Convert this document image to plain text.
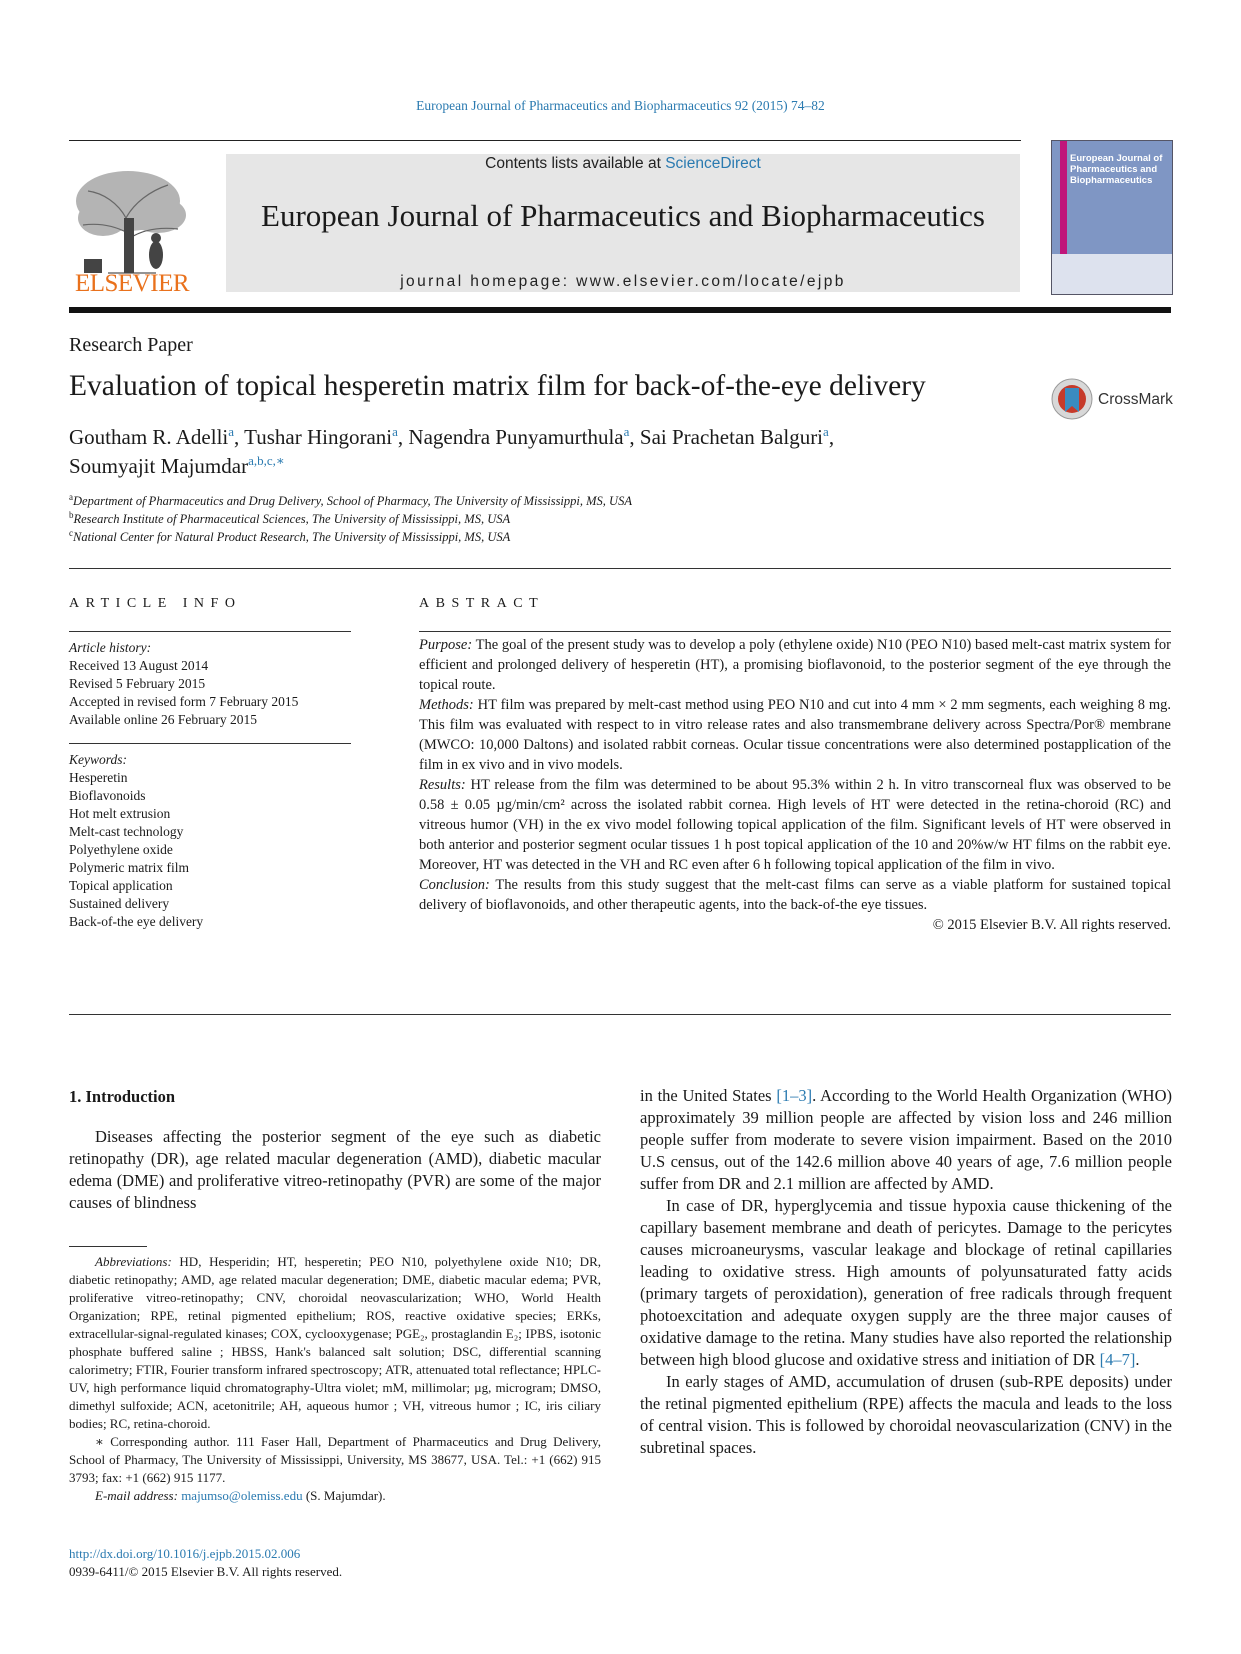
European Journal of Pharmaceutics and Biopharmaceutics 92 (2015) 74–82
ELSEVIER
Contents lists available at ScienceDirect
European Journal of Pharmaceutics and Biopharmaceutics
journal homepage: www.elsevier.com/locate/ejpb
European Journal of Pharmaceutics and Biopharmaceutics
Research Paper
Evaluation of topical hesperetin matrix film for back-of-the-eye delivery	CrossMark
Goutham R. Adelli$^a$, Tushar Hingorani$^a$, Nagendra Punyamurthula$^a$, Sai Prachetan Balguri$^a$,
Soumyajit Majumdar$^{a,b,c,∗}$
$^a$Department of Pharmaceutics and Drug Delivery, School of Pharmacy, The University of Mississippi, MS, USA
$^b$Research Institute of Pharmaceutical Sciences, The University of Mississippi, MS, USA
$^c$National Center for Natural Product Research, The University of Mississippi, MS, USA
ARTICLE INFO
Article history:
Received 13 August 2014
Revised 5 February 2015
Accepted in revised form 7 February 2015
Available online 26 February 2015
Keywords:
Hesperetin
Bioflavonoids
Hot melt extrusion
Melt-cast technology
Polyethylene oxide
Polymeric matrix film
Topical application
Sustained delivery
Back-of-the eye delivery
ABSTRACT

Purpose: The goal of the present study was to develop a poly (ethylene oxide) N10 (PEO N10) based melt-cast matrix system for efficient and prolonged delivery of hesperetin (HT), a promising bioflavonoid, to the posterior segment of the eye through the topical route.

Methods: HT film was prepared by melt-cast method using PEO N10 and cut into 4 mm × 2 mm segments, each weighing 8 mg. This film was evaluated with respect to in vitro release rates and also transmembrane delivery across Spectra/Por® membrane (MWCO: 10,000 Daltons) and isolated rabbit corneas. Ocular tissue concentrations were also determined postapplication of the film in ex vivo and in vivo models.

Results: HT release from the film was determined to be about 95.3% within 2 h. In vitro transcorneal flux was observed to be 0.58 ± 0.05 µg/min/cm² across the isolated rabbit cornea. High levels of HT were detected in the retina-choroid (RC) and vitreous humor (VH) in the ex vivo model following topical application of the film. Significant levels of HT were observed in both anterior and posterior segment ocular tissues 1 h post topical application of the 10 and 20%w/w HT films on the rabbit eye. Moreover, HT was detected in the VH and RC even after 6 h following topical application of the film in vivo.

Conclusion: The results from this study suggest that the melt-cast films can serve as a viable platform for sustained topical delivery of bioflavonoids, and other therapeutic agents, into the back-of-the eye tissues.

© 2015 Elsevier B.V. All rights reserved.

1. Introduction

Diseases affecting the posterior segment of the eye such as diabetic retinopathy (DR), age related macular degeneration (AMD), diabetic macular edema (DME) and proliferative vitreo-retinopathy (PVR) are some of the major causes of blindness

in the United States [1–3]. According to the World Health Organization (WHO) approximately 39 million people are affected by vision loss and 246 million people suffer from moderate to severe vision impairment. Based on the 2010 U.S census, out of the 142.6 million above 40 years of age, 7.6 million people suffer from DR and 2.1 million are affected by AMD.

In case of DR, hyperglycemia and tissue hypoxia cause thickening of the capillary basement membrane and death of pericytes. Damage to the pericytes causes microaneurysms, vascular leakage and blockage of retinal capillaries leading to oxidative stress. High amounts of polyunsaturated fatty acids (primary targets of peroxidation), generation of free radicals through frequent photoexcitation and adequate oxygen supply are the three major causes of oxidative damage to the retina. Many studies have also reported the relationship between high blood glucose and oxidative stress and initiation of DR [4–7].

In early stages of AMD, accumulation of drusen (sub-RPE deposits) under the retinal pigmented epithelium (RPE) affects the macula and leads to the loss of central vision. This is followed by choroidal neovascularization (CNV) in the subretinal spaces.

Abbreviations: HD, Hesperidin; HT, hesperetin; PEO N10, polyethylene oxide N10; DR, diabetic retinopathy; AMD, age related macular degeneration; DME, diabetic macular edema; PVR, proliferative vitreo-retinopathy; CNV, choroidal neovascularization; WHO, World Health Organization; RPE, retinal pigmented epithelium; ROS, reactive oxidative species; ERKs, extracellular-signal-regulated kinases; COX, cyclooxygenase; PGE₂, prostaglandin E₂; IPBS, isotonic phosphate buffered saline ; HBSS, Hank's balanced salt solution; DSC, differential scanning calorimetry; FTIR, Fourier transform infrared spectroscopy; ATR, attenuated total reflectance; HPLC-UV, high performance liquid chromatography-Ultra violet; mM, millimolar; µg, microgram; DMSO, dimethyl sulfoxide; ACN, acetonitrile; AH, aqueous humor ; VH, vitreous humor ; IC, iris ciliary bodies; RC, retina-choroid.

∗ Corresponding author. 111 Faser Hall, Department of Pharmaceutics and Drug Delivery, School of Pharmacy, The University of Mississippi, University, MS 38677, USA. Tel.: +1 (662) 915 3793; fax: +1 (662) 915 1177.

E-mail address: majumso@olemiss.edu (S. Majumdar).

http://dx.doi.org/10.1016/j.ejpb.2015.02.006
0939-6411/© 2015 Elsevier B.V. All rights reserved.
